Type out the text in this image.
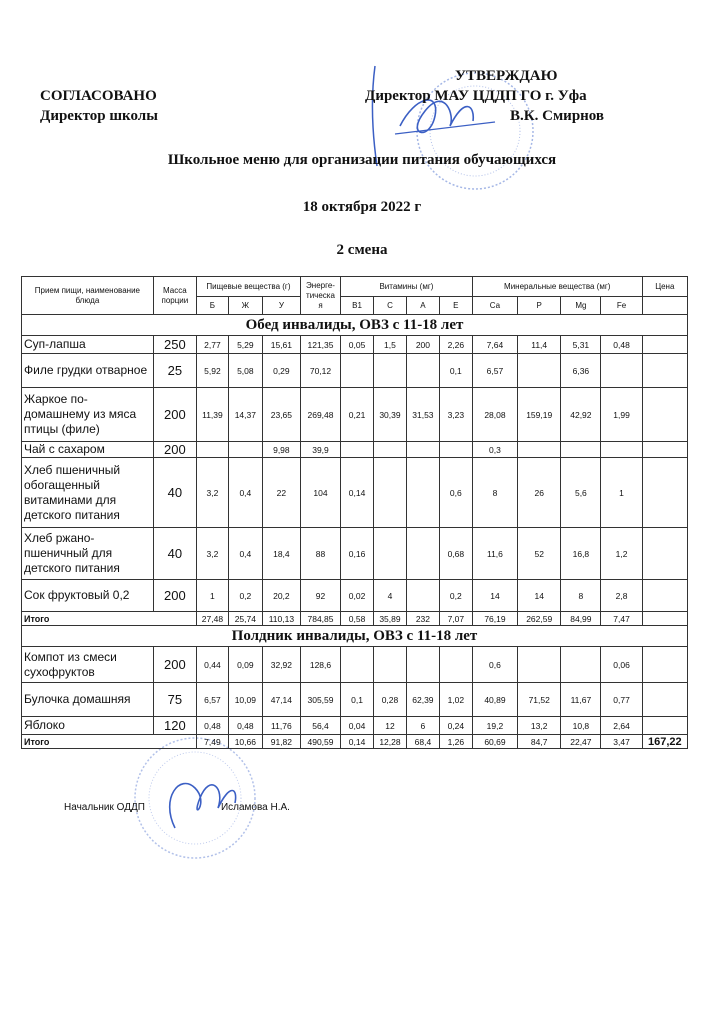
СОГЛАСОВАНО
Директор школы
УТВЕРЖДАЮ
Директор МАУ ЦДДП ГО г. Уфа
В.К. Смирнов
Школьное меню для организации питания обучающихся
18 октября 2022 г
2 смена
Прием пищи, наименование блюда	Масса порции	Пищевые вещества (г)			Энерге-тическа я	Витамины (мг)				Минеральные вещества (мг)				Цена
		Б	Ж	У		В1	С	А	Е	Са	Р	Mg	Fe	
Обед инвалиды, ОВЗ с 11-18 лет														
Суп-лапша	250	2,77	5,29	15,61	121,35	0,05	1,5	200	2,26	7,64	11,4	5,31	0,48	
Филе грудки отварное	25	5,92	5,08	0,29	70,12				0,1	6,57		6,36		
Жаркое по-домашнему из мяса птицы (филе)	200	11,39	14,37	23,65	269,48	0,21	30,39	31,53	3,23	28,08	159,19	42,92	1,99	
Чай с сахаром	200			9,98	39,9					0,3				
Хлеб пшеничный обогащенный витаминами для детского питания	40	3,2	0,4	22	104	0,14			0,6	8	26	5,6	1	
Хлеб ржано-пшеничный для детского питания	40	3,2	0,4	18,4	88	0,16			0,68	11,6	52	16,8	1,2	
Сок фруктовый 0,2	200	1	0,2	20,2	92	0,02	4		0,2	14	14	8	2,8	
Итого		27,48	25,74	110,13	784,85	0,58	35,89	232	7,07	76,19	262,59	84,99	7,47	
Полдник инвалиды, ОВЗ с 11-18 лет														
Компот из смеси сухофруктов	200	0,44	0,09	32,92	128,6					0,6			0,06	
Булочка домашняя	75	6,57	10,09	47,14	305,59	0,1	0,28	62,39	1,02	40,89	71,52	11,67	0,77	
Яблоко	120	0,48	0,48	11,76	56,4	0,04	12	6	0,24	19,2	13,2	10,8	2,64	
Итого		7,49	10,66	91,82	490,59	0,14	12,28	68,4	1,26	60,69	84,7	22,47	3,47	167,22
Начальник ОДДП	Исламова Н.А.
